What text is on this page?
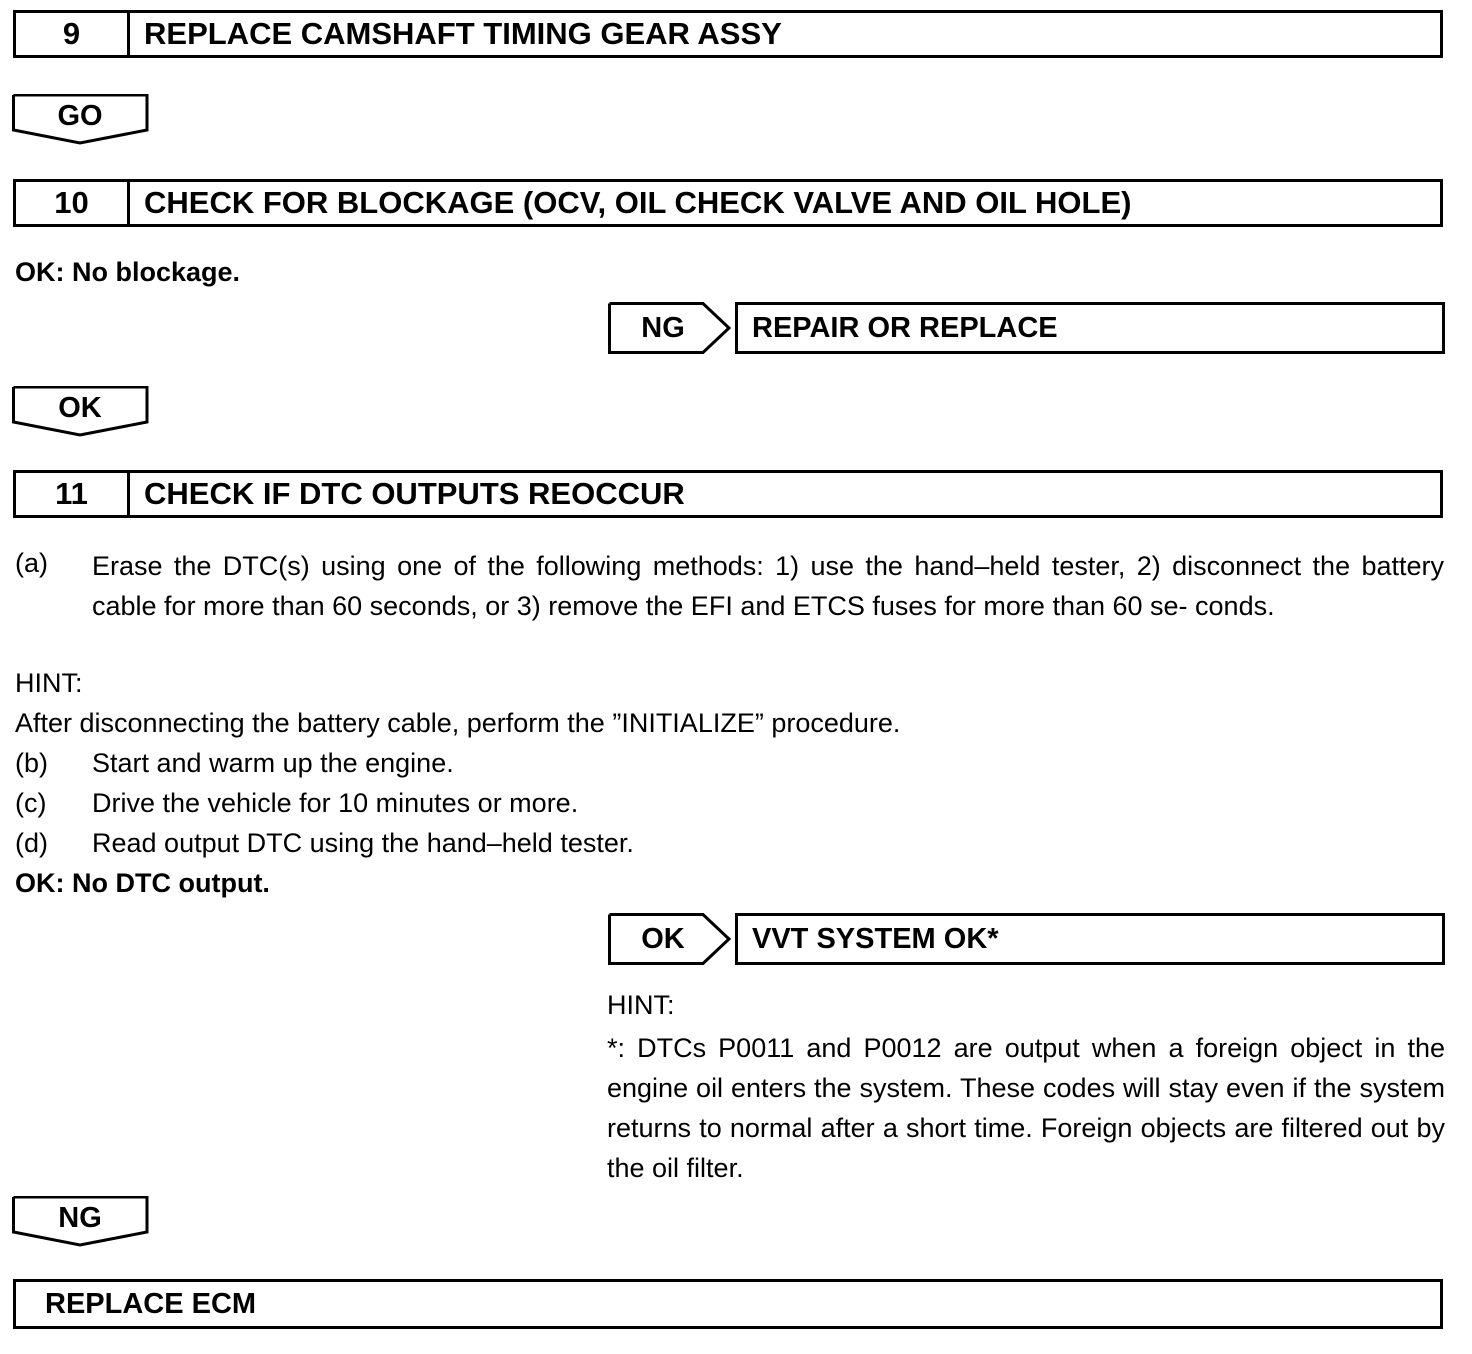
9	REPLACE CAMSHAFT TIMING GEAR ASSY
GO
10	CHECK FOR BLOCKAGE (OCV, OIL CHECK VALVE AND OIL HOLE)
OK: No blockage.
NG	REPAIR OR REPLACE
OK
11	CHECK IF DTC OUTPUTS REOCCUR
(a) Erase the DTC(s) using one of the following methods: 1) use the hand–held tester, 2) disconnect the battery cable for more than 60 seconds, or 3) remove the EFI and ETCS fuses for more than 60 se- conds.
HINT:
After disconnecting the battery cable, perform the ”INITIALIZE” procedure.
(b) Start and warm up the engine.
(c) Drive the vehicle for 10 minutes or more.
(d) Read output DTC using the hand–held tester.
OK: No DTC output.
OK	VVT SYSTEM OK*
HINT:
*: DTCs P0011 and P0012 are output when a foreign object in the engine oil enters the system. These codes will stay even if the system returns to normal after a short time. Foreign objects are filtered out by the oil filter.
NG
REPLACE ECM
